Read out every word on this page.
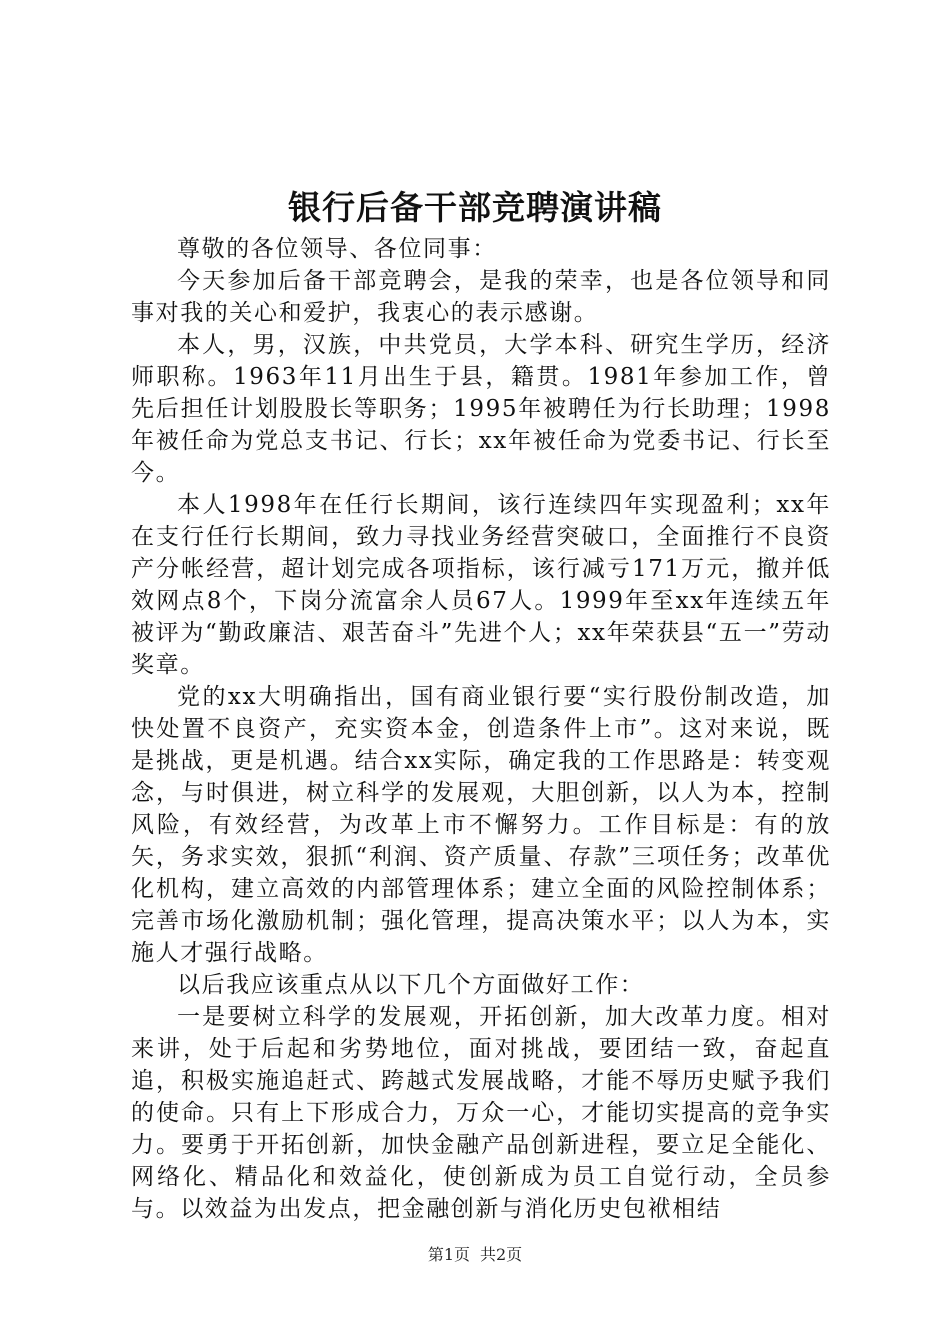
银行后备干部竞聘演讲稿

尊敬的各位领导、各位同事：

今天参加后备干部竞聘会，是我的荣幸，也是各位领导和同事对我的关心和爱护，我衷心的表示感谢。

本人，男，汉族，中共党员，大学本科、研究生学历，经济师职称。1963年11月出生于县，籍贯。1981年参加工作，曾先后担任计划股股长等职务；1995年被聘任为行长助理；1998年被任命为党总支书记、行长；xx年被任命为党委书记、行长至今。

本人1998年在任行长期间，该行连续四年实现盈利；xx年在支行任行长期间，致力寻找业务经营突破口，全面推行不良资产分帐经营，超计划完成各项指标，该行减亏171万元，撤并低效网点8个，下岗分流富余人员67人。1999年至xx年连续五年被评为“勤政廉洁、艰苦奋斗”先进个人；xx年荣获县“五一”劳动奖章。

党的xx大明确指出，国有商业银行要“实行股份制改造，加快处置不良资产，充实资本金，创造条件上市”。这对来说，既是挑战，更是机遇。结合xx实际，确定我的工作思路是：转变观念，与时俱进，树立科学的发展观，大胆创新，以人为本，控制风险，有效经营，为改革上市不懈努力。工作目标是：有的放矢，务求实效，狠抓“利润、资产质量、存款”三项任务；改革优化机构，建立高效的内部管理体系；建立全面的风险控制体系；完善市场化激励机制；强化管理，提高决策水平；以人为本，实施人才强行战略。

以后我应该重点从以下几个方面做好工作：

一是要树立科学的发展观，开拓创新，加大改革力度。相对来讲，处于后起和劣势地位，面对挑战，要团结一致，奋起直追，积极实施追赶式、跨越式发展战略，才能不辱历史赋予我们的使命。只有上下形成合力，万众一心，才能切实提高的竞争实力。要勇于开拓创新，加快金融产品创新进程，要立足全能化、网络化、精品化和效益化，使创新成为员工自觉行动，全员参与。以效益为出发点，把金融创新与消化历史包袱相结

第1页 共2页
